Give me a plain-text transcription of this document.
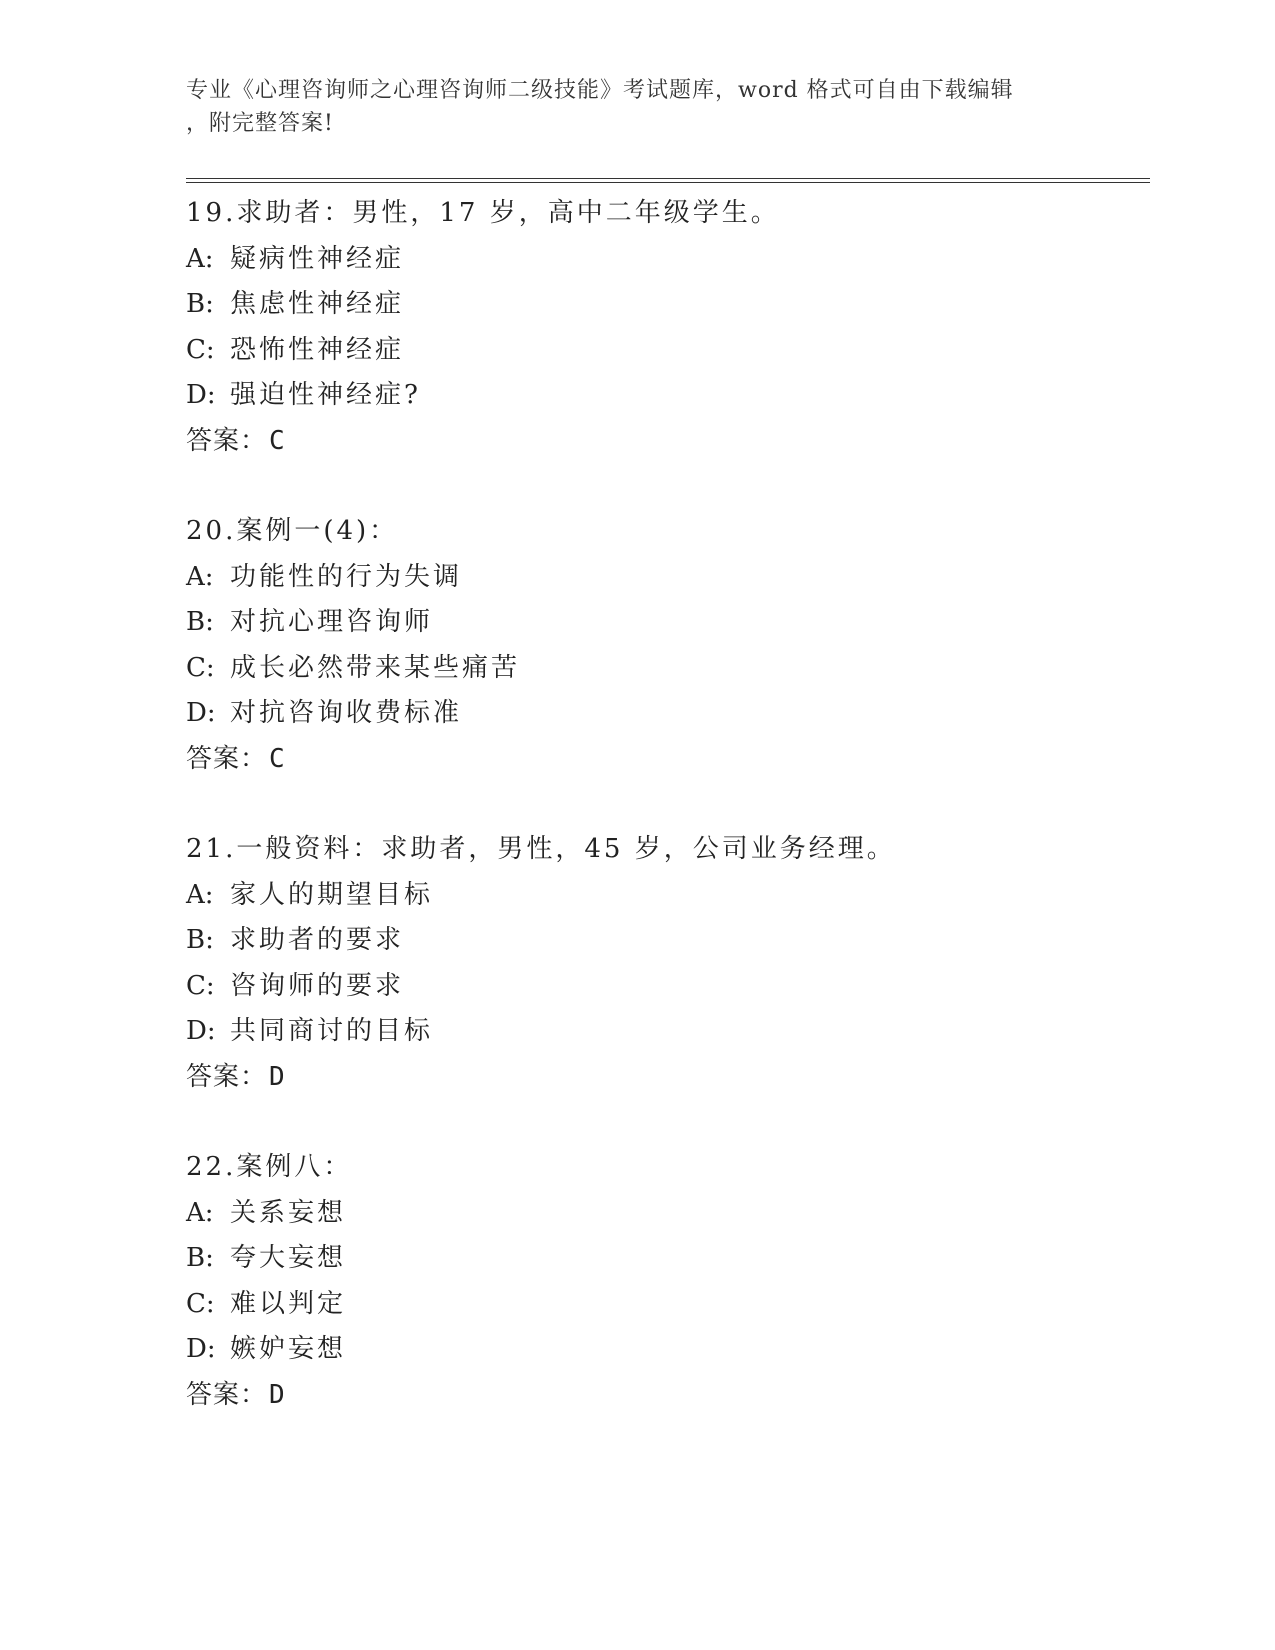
专业《心理咨询师之心理咨询师二级技能》考试题库，word 格式可自由下载编辑
，附完整答案!
19.求助者：男性，17 岁，高中二年级学生。
A: 疑病性神经症
B: 焦虑性神经症
C: 恐怖性神经症
D: 强迫性神经症?
答案：C
20.案例一(4)：
A: 功能性的行为失调
B: 对抗心理咨询师
C: 成长必然带来某些痛苦
D: 对抗咨询收费标准
答案：C
21.一般资料：求助者，男性，45 岁，公司业务经理。
A: 家人的期望目标
B: 求助者的要求
C: 咨询师的要求
D: 共同商讨的目标
答案：D
22.案例八：
A: 关系妄想
B: 夸大妄想
C: 难以判定
D: 嫉妒妄想
答案：D
